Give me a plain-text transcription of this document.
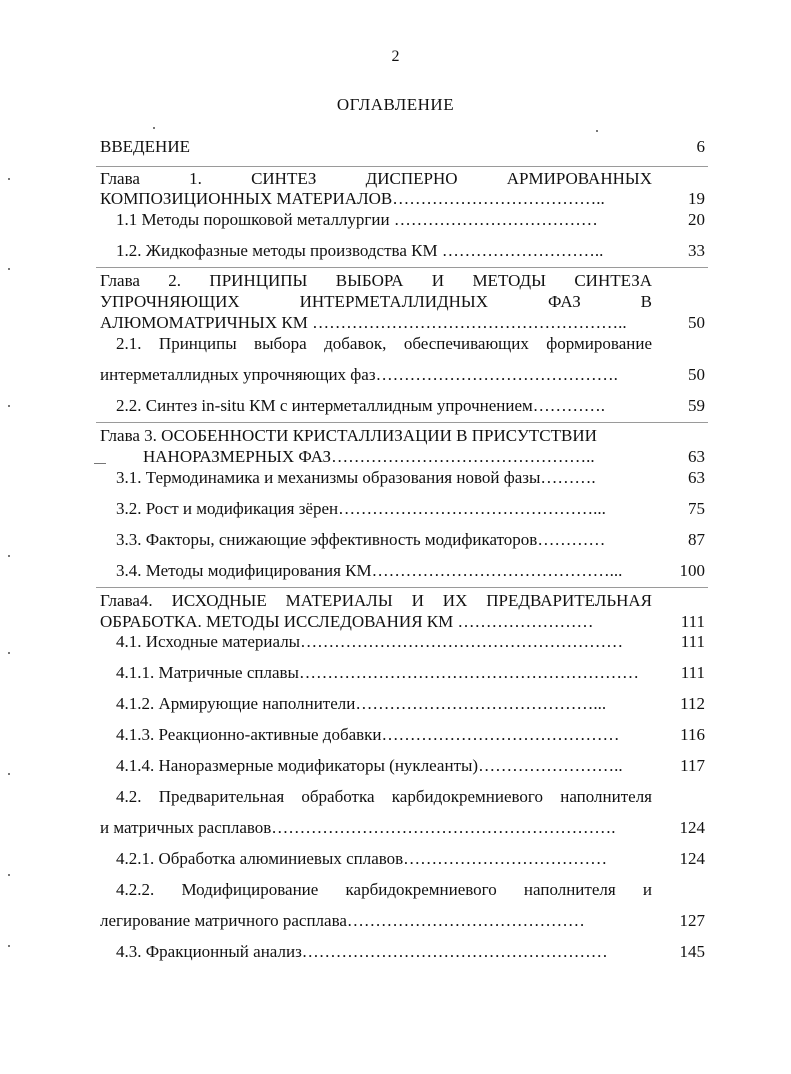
2
ОГЛАВЛЕНИЕ
ВВЕДЕНИЕ	6
Глава 1. СИНТЕЗ ДИСПЕРНО АРМИРОВАННЫХ
КОМПОЗИЦИОННЫХ МАТЕРИАЛОВ………………………………..	19
1.1 Методы порошковой металлургии ………………………………	20
1.2. Жидкофазные методы производства КМ ………………………..	33
Глава 2. ПРИНЦИПЫ ВЫБОРА И МЕТОДЫ СИНТЕЗА
УПРОЧНЯЮЩИХ ИНТЕРМЕТАЛЛИДНЫХ ФАЗ В
АЛЮМОМАТРИЧНЫХ КМ ………………………………………………..	50
2.1. Принципы выбора добавок, обеспечивающих формирование
интерметаллидных упрочняющих фаз…………………………………….	50
2.2. Синтез in-situ КМ с интерметаллидным упрочнением………….	59
Глава 3. ОСОБЕННОСТИ КРИСТАЛЛИЗАЦИИ В ПРИСУТСТВИИ
НАНОРАЗМЕРНЫХ ФАЗ………………………………………..	63
3.1. Термодинамика и механизмы образования новой фазы……….	63
3.2. Рост и модификация зёрен………………………………………...	75
3.3. Факторы, снижающие эффективность модификаторов…………	87
3.4. Методы модифицирования КМ……………………………………...	100
Глава4. ИСХОДНЫЕ МАТЕРИАЛЫ И ИХ ПРЕДВАРИТЕЛЬНАЯ
ОБРАБОТКА. МЕТОДЫ ИССЛЕДОВАНИЯ КМ ……………………	111
4.1. Исходные материалы…………………………………………………	111
4.1.1. Матричные сплавы…………………………………………………… 111
4.1.2. Армирующие наполнители……………………………………...	112
4.1.3. Реакционно-активные добавки……………………………………	116
4.1.4. Наноразмерные модификаторы (нуклеанты)……………………..	117
4.2. Предварительная обработка карбидокремниевого наполнителя
и матричных расплавов…………………………………………………….	124
4.2.1. Обработка алюминиевых сплавов………………………………	124
4.2.2. Модифицирование карбидокремниевого наполнителя и
легирование матричного расплава……………………………………	127
4.3. Фракционный анализ………………………………………………	145
